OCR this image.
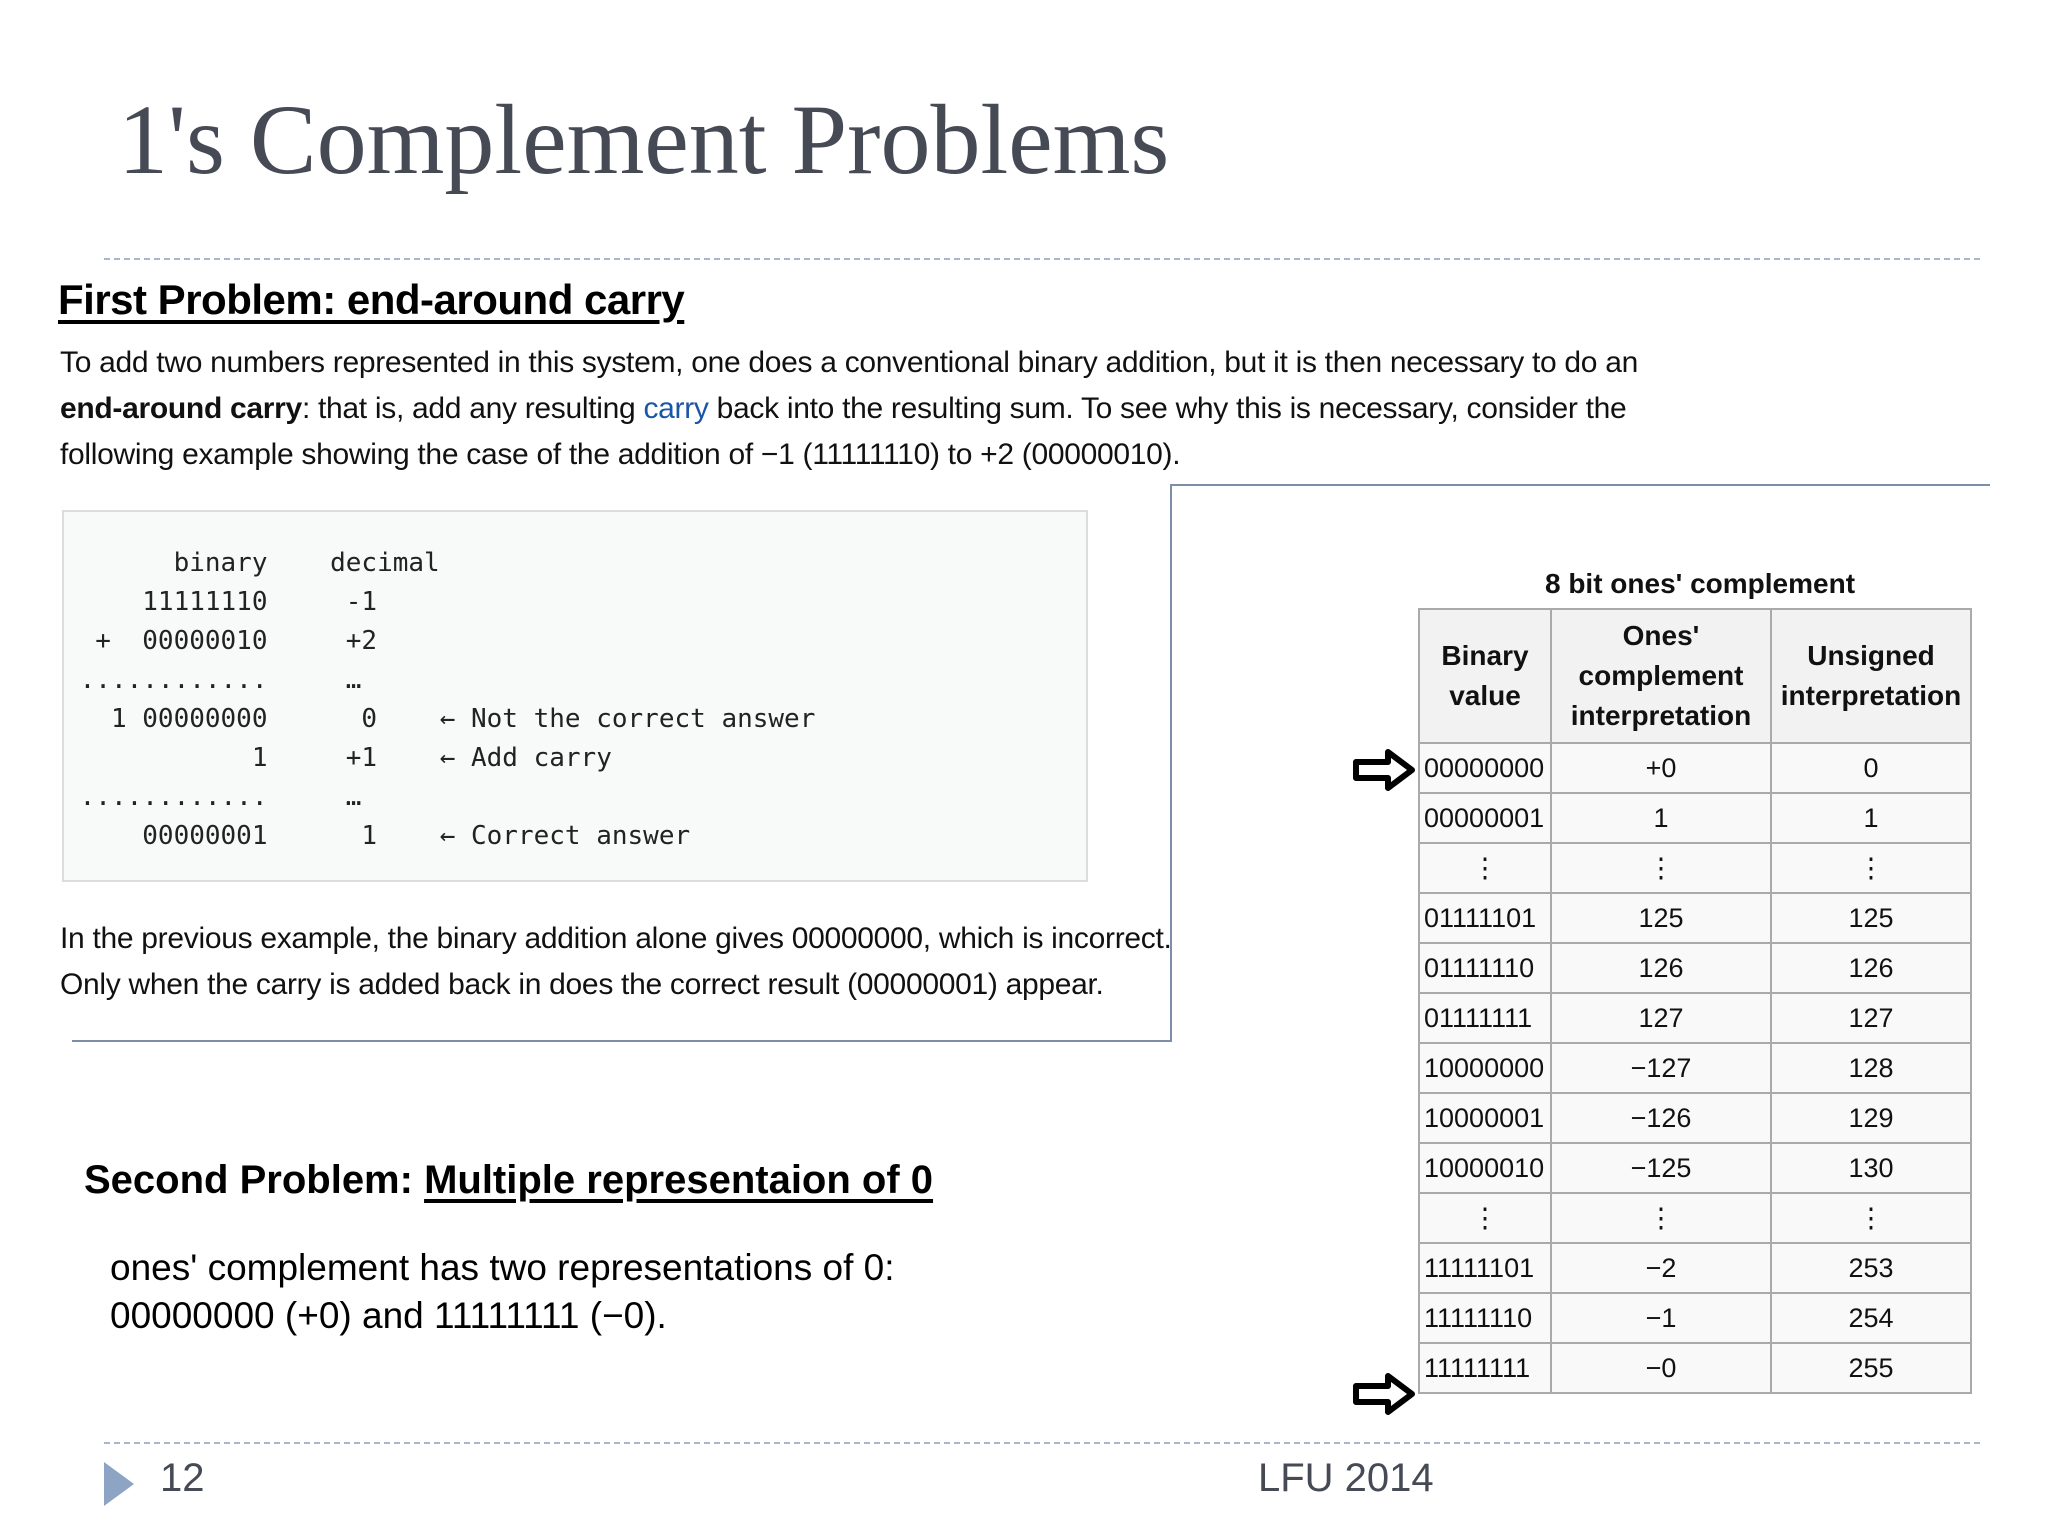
1's Complement Problems
First Problem: end-around carry
To add two numbers represented in this system, one does a conventional binary addition, but it is then necessary to do an end-around carry: that is, add any resulting carry back into the resulting sum. To see why this is necessary, consider the following example showing the case of the addition of −1 (11111110) to +2 (00000010).
binary    decimal
11111110     -1
+  00000010     +2
............     …
1 00000000      0    ← Not the correct answer
1     +1    ← Add carry
............     …
00000001      1    ← Correct answer
In the previous example, the binary addition alone gives 00000000, which is incorrect.
Only when the carry is added back in does the correct result (00000001) appear.
Second Problem: Multiple representaion of 0
ones' complement has two representations of 0:
00000000 (+0) and 11111111 (−0).
8 bit ones' complement
Binary
value	Ones'
complement
interpretation	Unsigned
interpretation
00000000	+0	0
00000001	1	1
⋮	⋮	⋮
01111101	125	125
01111110	126	126
01111111	127	127
10000000	−127	128
10000001	−126	129
10000010	−125	130
⋮	⋮	⋮
11111101	−2	253
11111110	−1	254
11111111	−0	255
12	LFU 2014
